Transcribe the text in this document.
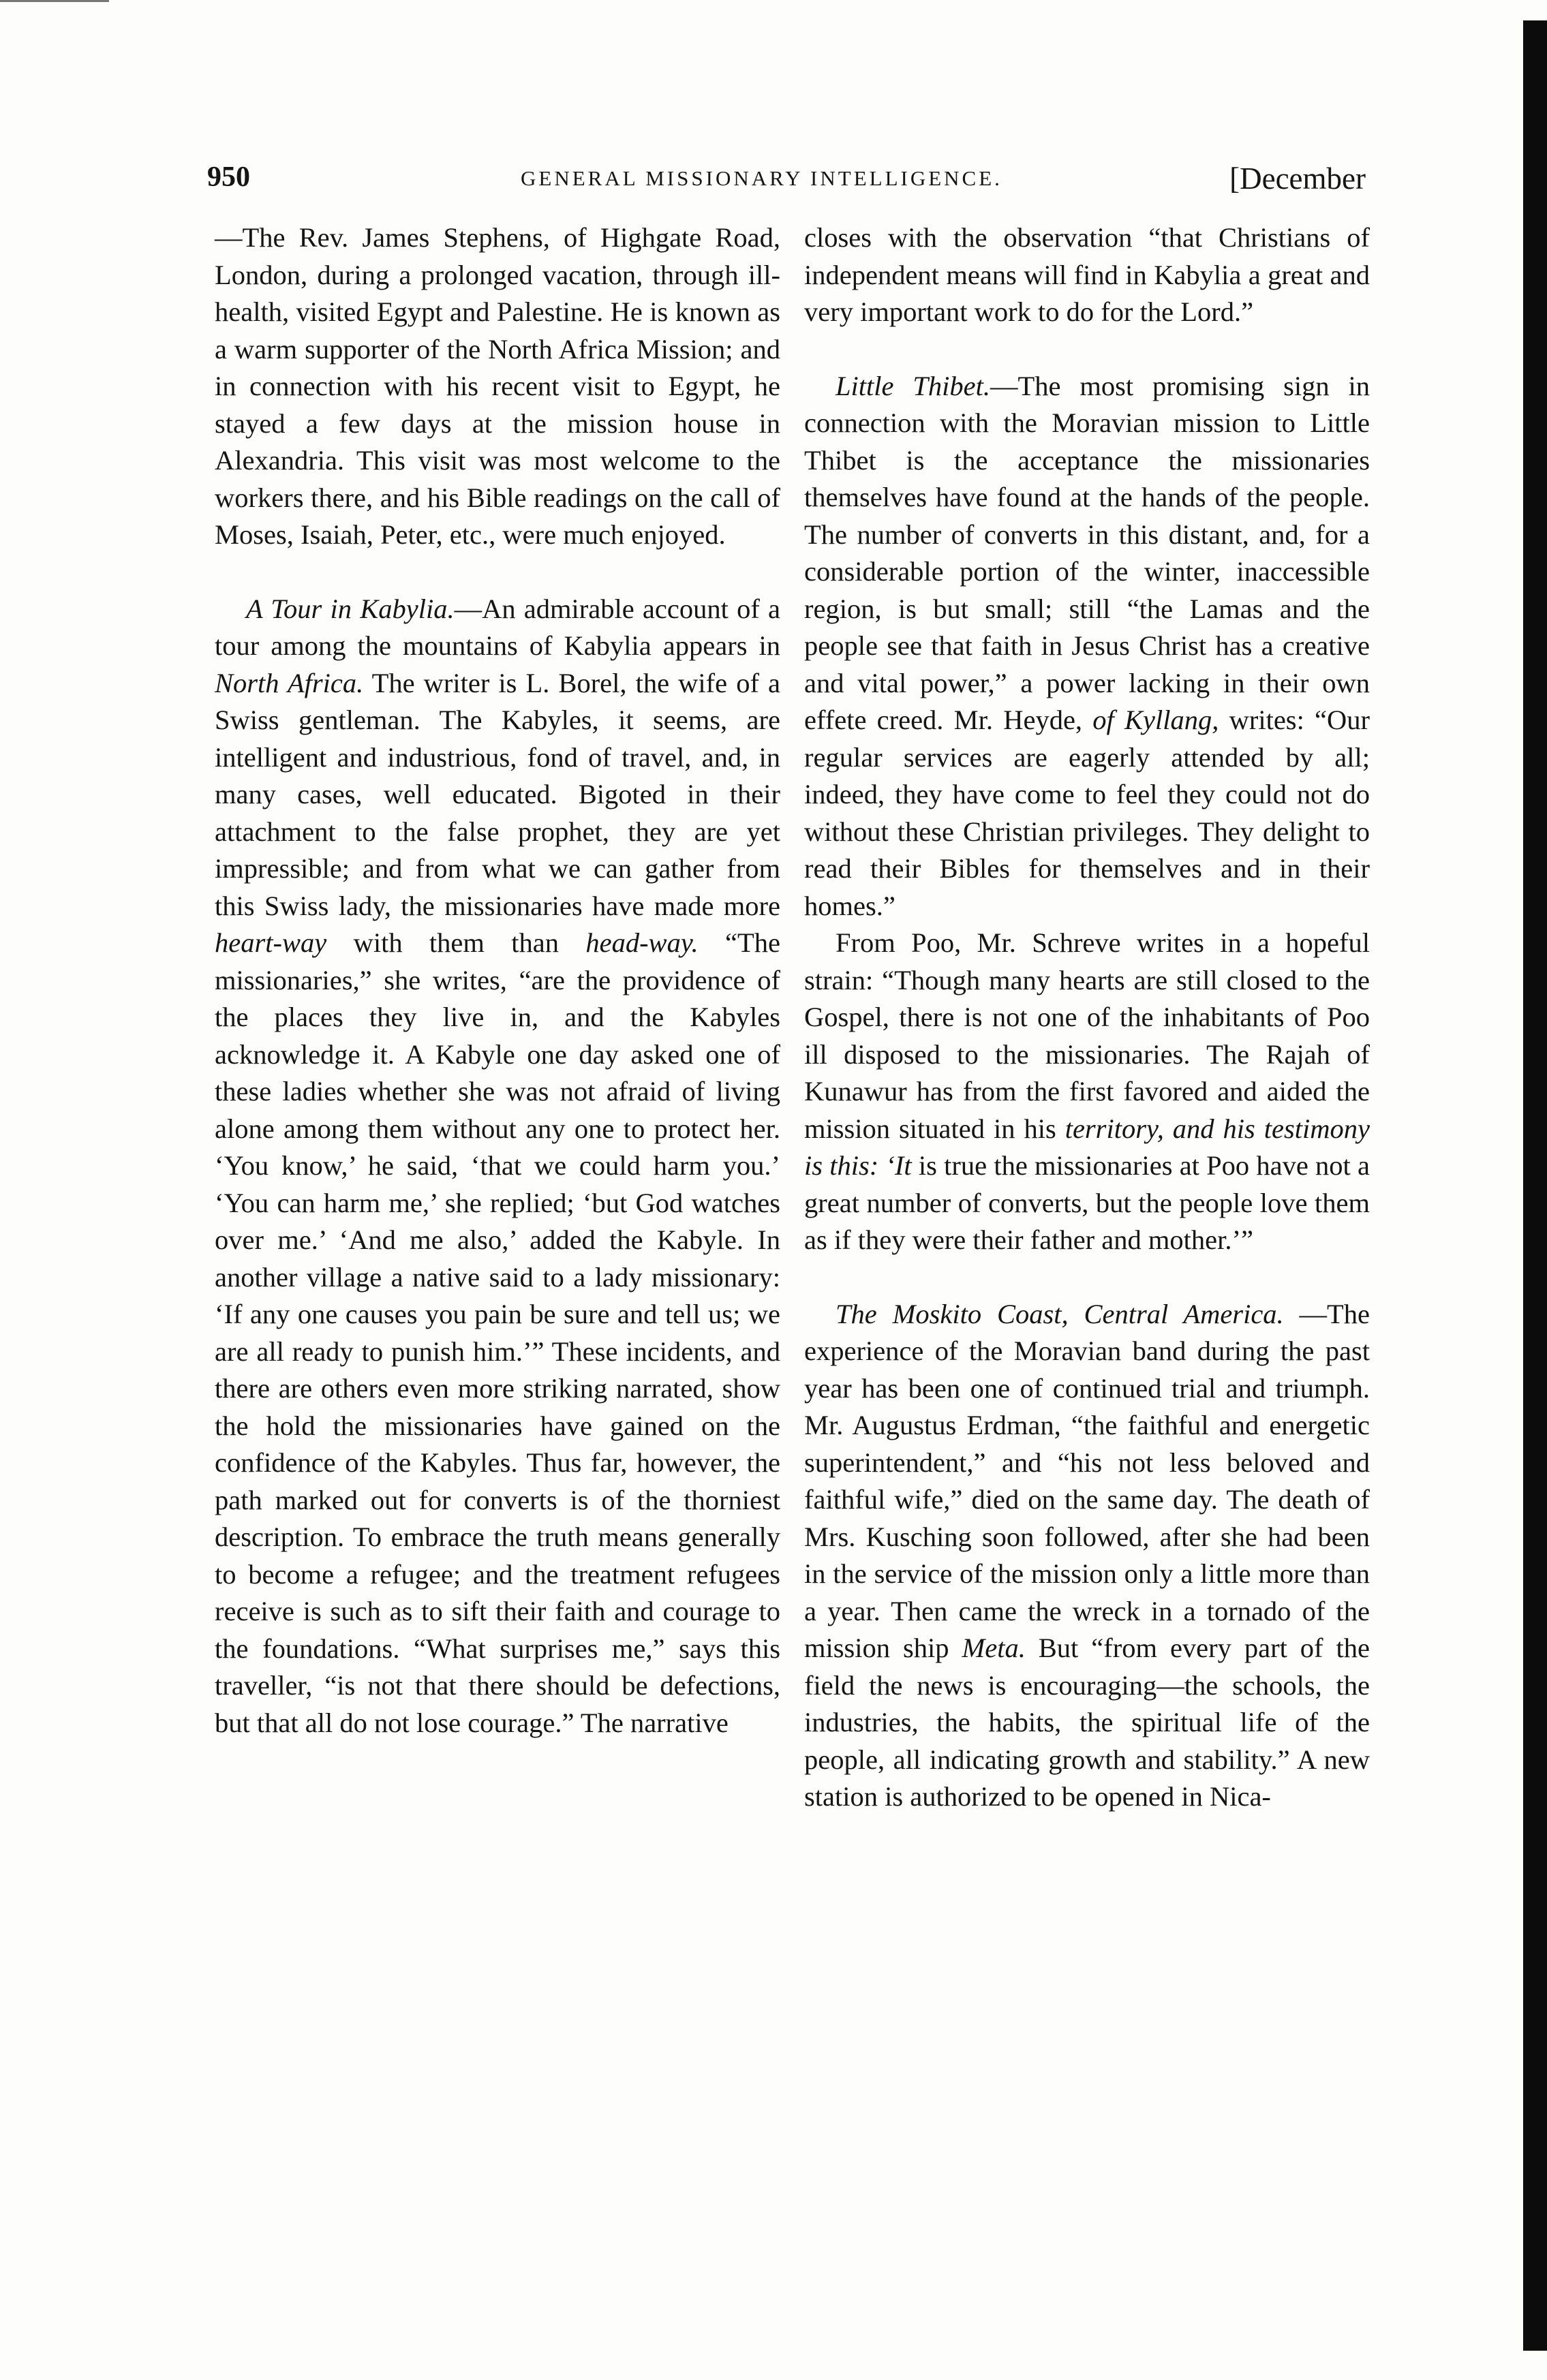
950	GENERAL MISSIONARY INTELLIGENCE.	[December

—The Rev. James Stephens, of Highgate Road, London, during a prolonged vacation, through ill-health, visited Egypt and Palestine. He is known as a warm supporter of the North Africa Mission; and in connection with his recent visit to Egypt, he stayed a few days at the mission house in Alexandria. This visit was most welcome to the workers there, and his Bible readings on the call of Moses, Isaiah, Peter, etc., were much enjoyed.

A Tour in Kabylia.—An admirable account of a tour among the mountains of Kabylia appears in North Africa. The writer is L. Borel, the wife of a Swiss gentleman. The Kabyles, it seems, are intelligent and industrious, fond of travel, and, in many cases, well educated. Bigoted in their attachment to the false prophet, they are yet impressible; and from what we can gather from this Swiss lady, the missionaries have made more heart-way with them than head-way. “The missionaries,” she writes, “are the providence of the places they live in, and the Kabyles acknowledge it. A Kabyle one day asked one of these ladies whether she was not afraid of living alone among them without any one to protect her. ‘You know,’ he said, ‘that we could harm you.’ ‘You can harm me,’ she replied; ‘but God watches over me.’ ‘And me also,’ added the Kabyle. In another village a native said to a lady missionary: ‘If any one causes you pain be sure and tell us; we are all ready to punish him.’” These incidents, and there are others even more striking narrated, show the hold the missionaries have gained on the confidence of the Kabyles. Thus far, however, the path marked out for converts is of the thorniest description. To embrace the truth means generally to become a refugee; and the treatment refugees receive is such as to sift their faith and courage to the foundations. “What surprises me,” says this traveller, “is not that there should be defections, but that all do not lose courage.” The narrative

closes with the observation “that Christians of independent means will find in Kabylia a great and very important work to do for the Lord.”

Little Thibet.—The most promising sign in connection with the Moravian mission to Little Thibet is the acceptance the missionaries themselves have found at the hands of the people. The number of converts in this distant, and, for a considerable portion of the winter, inaccessible region, is but small; still “the Lamas and the people see that faith in Jesus Christ has a creative and vital power,” a power lacking in their own effete creed. Mr. Heyde, of Kyllang, writes: “Our regular services are eagerly attended by all; indeed, they have come to feel they could not do without these Christian privileges. They delight to read their Bibles for themselves and in their homes.”

From Poo, Mr. Schreve writes in a hopeful strain: “Though many hearts are still closed to the Gospel, there is not one of the inhabitants of Poo ill disposed to the missionaries. The Rajah of Kunawur has from the first favored and aided the mission situated in his territory, and his testimony is this: ‘It is true the missionaries at Poo have not a great number of converts, but the people love them as if they were their father and mother.’”

The Moskito Coast, Central America. —The experience of the Moravian band during the past year has been one of continued trial and triumph. Mr. Augustus Erdman, “the faithful and energetic superintendent,” and “his not less beloved and faithful wife,” died on the same day. The death of Mrs. Kusching soon followed, after she had been in the service of the mission only a little more than a year. Then came the wreck in a tornado of the mission ship Meta. But “from every part of the field the news is encouraging—the schools, the industries, the habits, the spiritual life of the people, all indicating growth and stability.” A new station is authorized to be opened in Nica-
